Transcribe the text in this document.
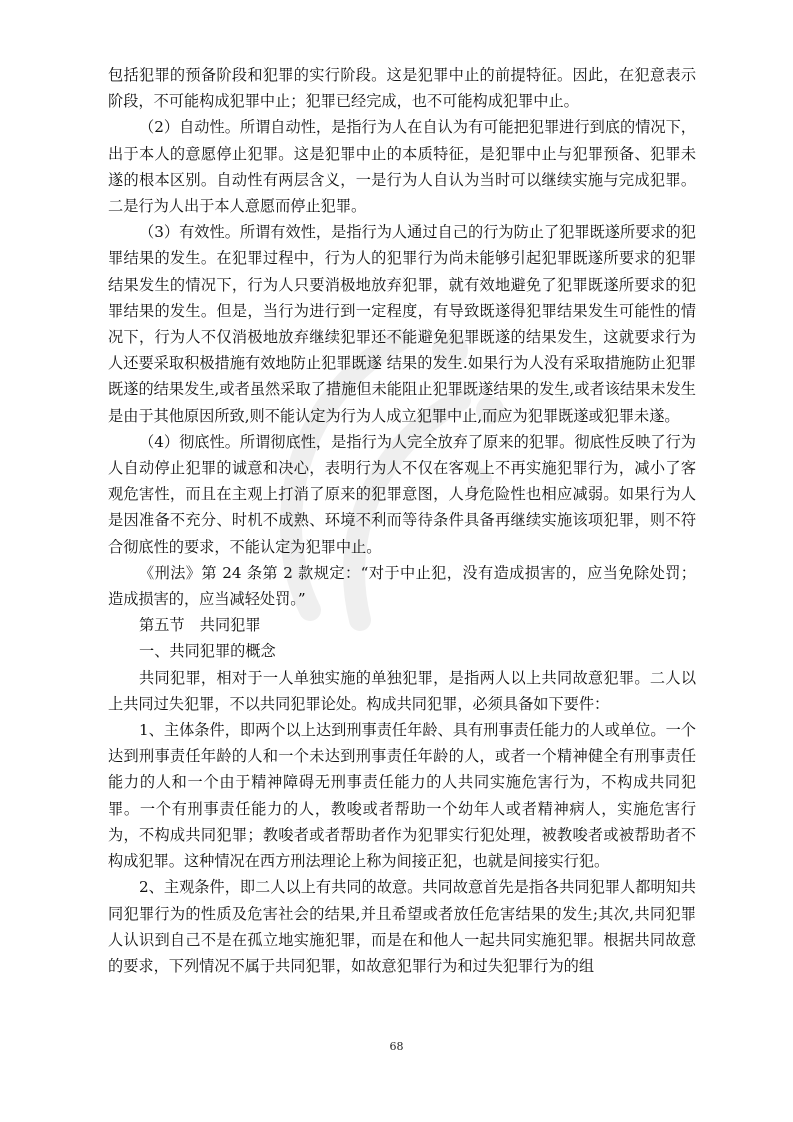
包括犯罪的预备阶段和犯罪的实行阶段。这是犯罪中止的前提特征。因此，在犯意表示阶段，不可能构成犯罪中止；犯罪已经完成，也不可能构成犯罪中止。

（2）自动性。所谓自动性，是指行为人在自认为有可能把犯罪进行到底的情况下，出于本人的意愿停止犯罪。这是犯罪中止的本质特征，是犯罪中止与犯罪预备、犯罪未遂的根本区别。自动性有两层含义，一是行为人自认为当时可以继续实施与完成犯罪。二是行为人出于本人意愿而停止犯罪。

（3）有效性。所谓有效性，是指行为人通过自己的行为防止了犯罪既遂所要求的犯罪结果的发生。在犯罪过程中，行为人的犯罪行为尚未能够引起犯罪既遂所要求的犯罪结果发生的情况下，行为人只要消极地放弃犯罪，就有效地避免了犯罪既遂所要求的犯罪结果的发生。但是，当行为进行到一定程度，有导致既遂得犯罪结果发生可能性的情况下，行为人不仅消极地放弃继续犯罪还不能避免犯罪既遂的结果发生，这就要求行为人还要采取积极措施有效地防止犯罪既遂 结果的发生.如果行为人没有采取措施防止犯罪既遂的结果发生,或者虽然采取了措施但未能阻止犯罪既遂结果的发生,或者该结果未发生是由于其他原因所致,则不能认定为行为人成立犯罪中止,而应为犯罪既遂或犯罪未遂。

（4）彻底性。所谓彻底性，是指行为人完全放弃了原来的犯罪。彻底性反映了行为人自动停止犯罪的诚意和决心，表明行为人不仅在客观上不再实施犯罪行为，减小了客观危害性，而且在主观上打消了原来的犯罪意图，人身危险性也相应减弱。如果行为人是因准备不充分、时机不成熟、环境不利而等待条件具备再继续实施该项犯罪，则不符合彻底性的要求，不能认定为犯罪中止。

《刑法》第 24 条第 2 款规定：“对于中止犯，没有造成损害的，应当免除处罚；造成损害的，应当减轻处罚。”

第五节　共同犯罪

一、共同犯罪的概念

共同犯罪，相对于一人单独实施的单独犯罪，是指两人以上共同故意犯罪。二人以上共同过失犯罪，不以共同犯罪论处。构成共同犯罪，必须具备如下要件：

1、主体条件，即两个以上达到刑事责任年龄、具有刑事责任能力的人或单位。一个达到刑事责任年龄的人和一个未达到刑事责任年龄的人，或者一个精神健全有刑事责任能力的人和一个由于精神障碍无刑事责任能力的人共同实施危害行为，不构成共同犯罪。一个有刑事责任能力的人，教唆或者帮助一个幼年人或者精神病人，实施危害行为，不构成共同犯罪；教唆者或者帮助者作为犯罪实行犯处理，被教唆者或被帮助者不构成犯罪。这种情况在西方刑法理论上称为间接正犯，也就是间接实行犯。

2、主观条件，即二人以上有共同的故意。共同故意首先是指各共同犯罪人都明知共同犯罪行为的性质及危害社会的结果,并且希望或者放任危害结果的发生;其次,共同犯罪人认识到自己不是在孤立地实施犯罪，而是在和他人一起共同实施犯罪。根据共同故意的要求，下列情况不属于共同犯罪，如故意犯罪行为和过失犯罪行为的组

68
